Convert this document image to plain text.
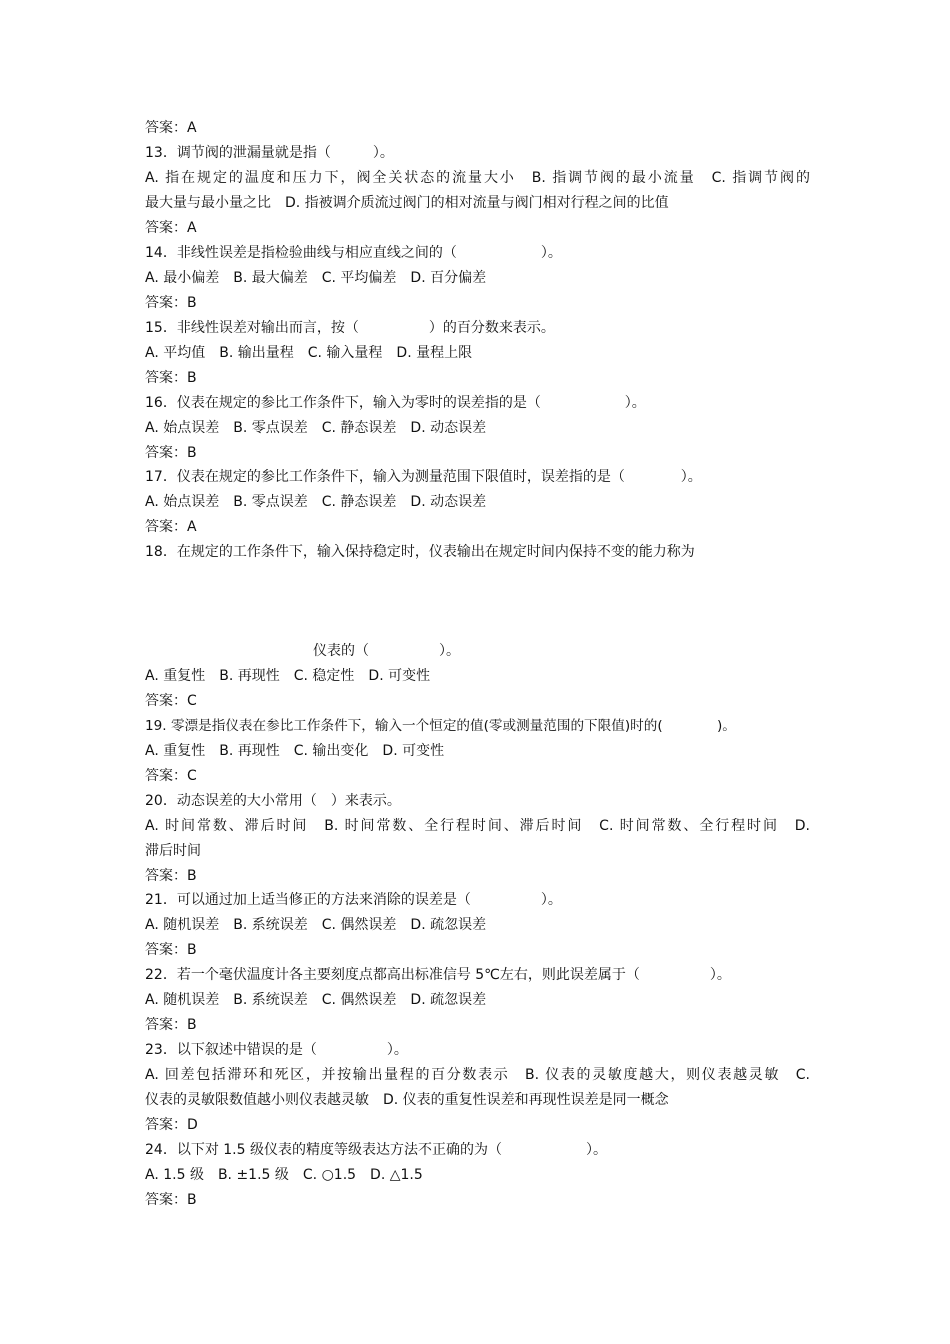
答案：A
13．调节阀的泄漏量就是指（　　　）。
A. 指在规定的温度和压力下，阀全关状态的流量大小　B. 指调节阀的最小流量　C. 指调节阀的
最大量与最小量之比　D. 指被调介质流过阀门的相对流量与阀门相对行程之间的比值
答案：A
14．非线性误差是指检验曲线与相应直线之间的（　　　　　　）。
A. 最小偏差　B. 最大偏差　C. 平均偏差　D. 百分偏差
答案：B
15．非线性误差对输出而言，按（　　　　　）的百分数来表示。
A. 平均值　B. 输出量程　C. 输入量程　D. 量程上限
答案：B
16．仪表在规定的参比工作条件下，输入为零时的误差指的是（　　　　　　）。
A. 始点误差　B. 零点误差　C. 静态误差　D. 动态误差
答案：B
17．仪表在规定的参比工作条件下，输入为测量范围下限值时，误差指的是（　　　　）。
A. 始点误差　B. 零点误差　C. 静态误差　D. 动态误差
答案：A
18．在规定的工作条件下，输入保持稳定时，仪表输出在规定时间内保持不变的能力称为
仪表的（　　　　　）。
A. 重复性　B. 再现性　C. 稳定性　D. 可变性
答案：C
19. 零漂是指仪表在参比工作条件下，输入一个恒定的值(零或测量范围的下限值)时的(　　　　)。
A. 重复性　B. 再现性　C. 输出变化　D. 可变性
答案：C
20．动态误差的大小常用（　）来表示。
A. 时间常数、滞后时间　B. 时间常数、全行程时间、滞后时间　C. 时间常数、全行程时间　D.
滞后时间
答案：B
21．可以通过加上适当修正的方法来消除的误差是（　　　　　）。
A. 随机误差　B. 系统误差　C. 偶然误差　D. 疏忽误差
答案：B
22．若一个毫伏温度计各主要刻度点都高出标准信号 5℃左右，则此误差属于（　　　　　）。
A. 随机误差　B. 系统误差　C. 偶然误差　D. 疏忽误差
答案：B
23．以下叙述中错误的是（　　　　　）。
A. 回差包括滞环和死区，并按输出量程的百分数表示　B. 仪表的灵敏度越大，则仪表越灵敏　C.
仪表的灵敏限数值越小则仪表越灵敏　D. 仪表的重复性误差和再现性误差是同一概念
答案：D
24．以下对 1.5 级仪表的精度等级表达方法不正确的为（　　　　　　）。
A. 1.5 级　B. ±1.5 级　C. ○1.5　D. △1.5
答案：B
